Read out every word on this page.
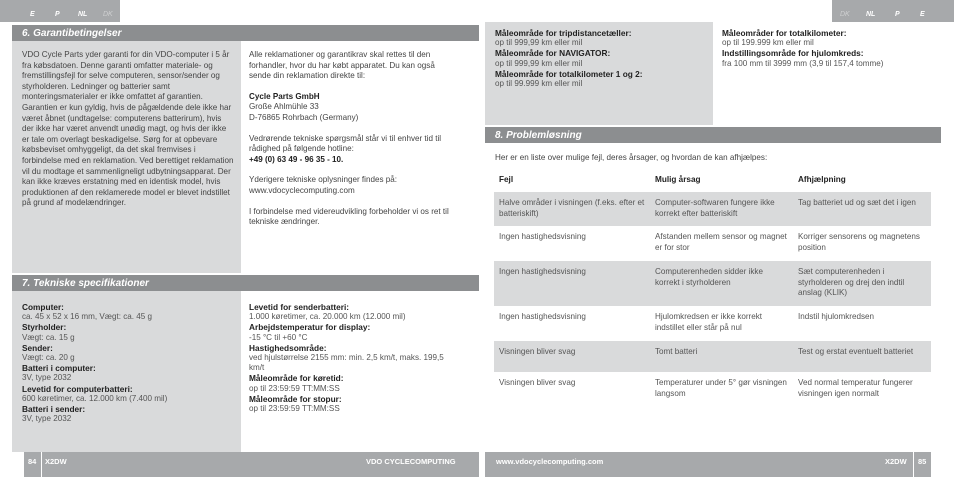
E	P	NL DK	DK NL	P	E
6. Garantibetingelser
VDO Cycle Parts yder garanti for din VDO-computer i 5 år fra købsdatoen. Denne garanti omfatter materiale- og fremstillingsfejl for selve computeren, sensor/sender og styrholderen. Ledninger og batterier samt monteringsmaterialer er ikke omfattet af garantien. Garantien er kun gyldig, hvis de pågældende dele ikke har været åbnet (undtagelse: computerens batterirum), hvis der ikke har været anvendt unødig magt, og hvis der ikke er tale om overlagt beskadigelse. Sørg for at opbevare købsbeviset omhyggeligt, da det skal fremvises i forbindelse med en reklamation. Ved berettiget reklamation vil du modtage et sammenligneligt udbytningsapparat. Der kan ikke kræves erstatning med en identisk model, hvis produktionen af den reklamerede model er blevet indstillet på grund af modelændringer.
Alle reklamationer og garantikrav skal rettes til den forhandler, hvor du har købt apparatet. Du kan også sende din reklamation direkte til:
Cycle Parts GmbH
Große Ahlmühle 33
D-76865 Rohrbach (Germany)
Vedrørende tekniske spørgsmål står vi til enhver tid til rådighed på følgende hotline:
+49 (0) 63 49 - 96 35 - 10.
Yderigere tekniske oplysninger findes på: www.vdocyclecomputing.com
I forbindelse med videreudvikling forbeholder vi os ret til tekniske ændringer.
7. Tekniske specifikationer
Computer:
ca. 45 x 52 x 16 mm, Vægt: ca. 45 g
Styrholder:
Vægt: ca. 15 g
Sender:
Vægt: ca. 20 g
Batteri i computer:
3V, type 2032
Levetid for computerbatteri:
600 køretimer, ca. 12.000 km (7.400 mil)
Batteri i sender:
3V, type 2032
Levetid for senderbatteri:
1.000 køretimer, ca. 20.000 km (12.000 mil)
Arbejdstemperatur for display:
-15 °C til +60 °C
Hastighedsområde:
ved hjulstørrelse 2155 mm: min. 2,5 km/t, maks. 199,5 km/t
Måleområde for køretid:
op til 23:59:59 TT:MM:SS
Måleområde for stopur:
op til 23:59:59 TT:MM:SS
Måleområde for tripdistancetæller:
op til 999,99 km eller mil
Måleområde for NAVIGATOR:
op til 999,99 km eller mil
Måleområde for totalkilometer 1 og 2:
op til 99.999 km eller mil
Måleområder for totalkilometer:
op til 199.999 km eller mil
Indstillingsområde for hjulomkreds:
fra 100 mm til 3999 mm (3,9 til 157,4 tomme)
8. Problemløsning
Her er en liste over mulige fejl, deres årsager, og hvordan de kan afhjælpes:
Fejl	Mulig årsag	Afhjælpning
Halve områder i visningen (f.eks. efter et batteriskift)	Computer-softwaren fungere ikke korrekt efter batteriskift	Tag batteriet ud og sæt det i igen
Ingen hastighedsvisning	Afstanden mellem sensor og magnet er for stor	Korriger sensorens og magnetens position
Ingen hastighedsvisning	Computerenheden sidder ikke korrekt i styrholderen	Sæt computerenheden i styrholderen og drej den indtil anslag (KLIK)
Ingen hastighedsvisning	Hjulomkredsen er ikke korrekt indstillet eller står på nul	Indstil hjulomkredsen
Visningen bliver svag	Tomt batteri	Test og erstat eventuelt batteriet
Visningen bliver svag	Temperaturer under 5° gør visningen langsom	Ved normal temperatur fungerer visningen igen normalt
84 X2DW	VDO CYCLECOMPUTING	www.vdocyclecomputing.com	X2DW 85
